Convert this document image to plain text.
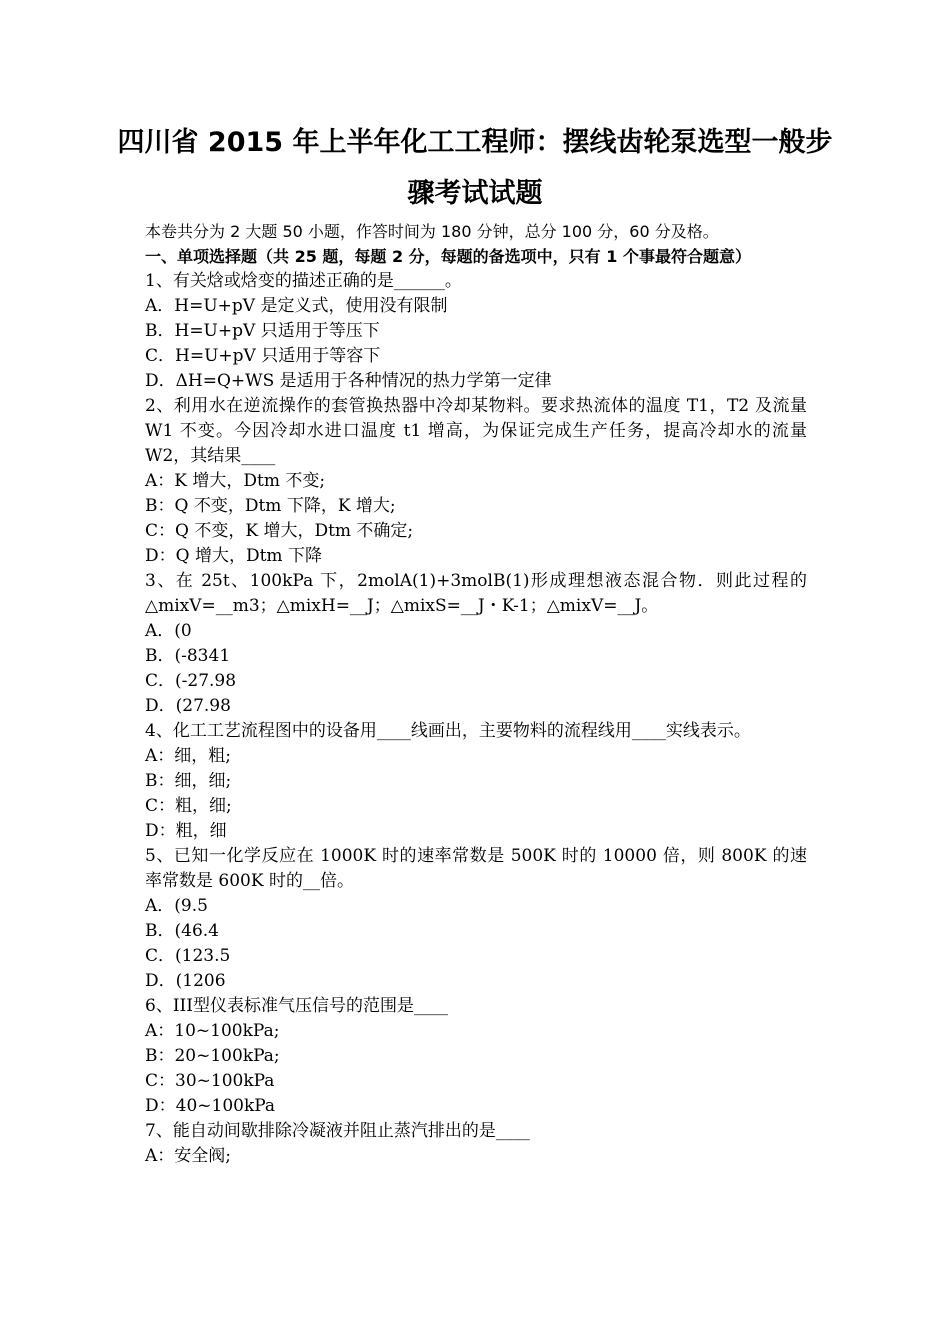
四川省 2015 年上半年化工工程师：摆线齿轮泵选型一般步
骤考试试题

本卷共分为 2 大题 50 小题，作答时间为 180 分钟，总分 100 分，60 分及格。

一、单项选择题（共 25 题，每题 2 分，每题的备选项中，只有 1 个事最符合题意）

1、有关焓或焓变的描述正确的是______。

A．H=U+pV 是定义式，使用没有限制

B．H=U+pV 只适用于等压下

C．H=U+pV 只适用于等容下

D．ΔH=Q+WS 是适用于各种情况的热力学第一定律

2、利用水在逆流操作的套管换热器中冷却某物料。要求热流体的温度 T1，T2 及流量 W1 不变。今因冷却水进口温度 t1 增高，为保证完成生产任务，提高冷却水的流量 W2，其结果____

A：K 增大，Dtm 不变;

B：Q 不变，Dtm 下降，K 增大;

C：Q 不变，K 增大，Dtm 不确定;

D：Q 增大，Dtm 下降

3、在 25t、100kPa 下，2molA(1)+3molB(1)形成理想液态混合物．则此过程的△mixV=__m3；△mixH=__J；△mixS=__J・K-1；△mixV=__J。

A．(0

B．(-8341

C．(-27.98

D．(27.98

4、化工工艺流程图中的设备用____线画出，主要物料的流程线用____实线表示。

A：细，粗;

B：细，细;

C：粗，细;

D：粗，细

5、已知一化学反应在 1000K 时的速率常数是 500K 时的 10000 倍，则 800K 的速率常数是 600K 时的__倍。

A．(9.5

B．(46.4

C．(123.5

D．(1206

6、III型仪表标准气压信号的范围是____

A：10~100kPa;

B：20~100kPa;

C：30~100kPa

D：40~100kPa

7、能自动间歇排除冷凝液并阻止蒸汽排出的是____

A：安全阀;
